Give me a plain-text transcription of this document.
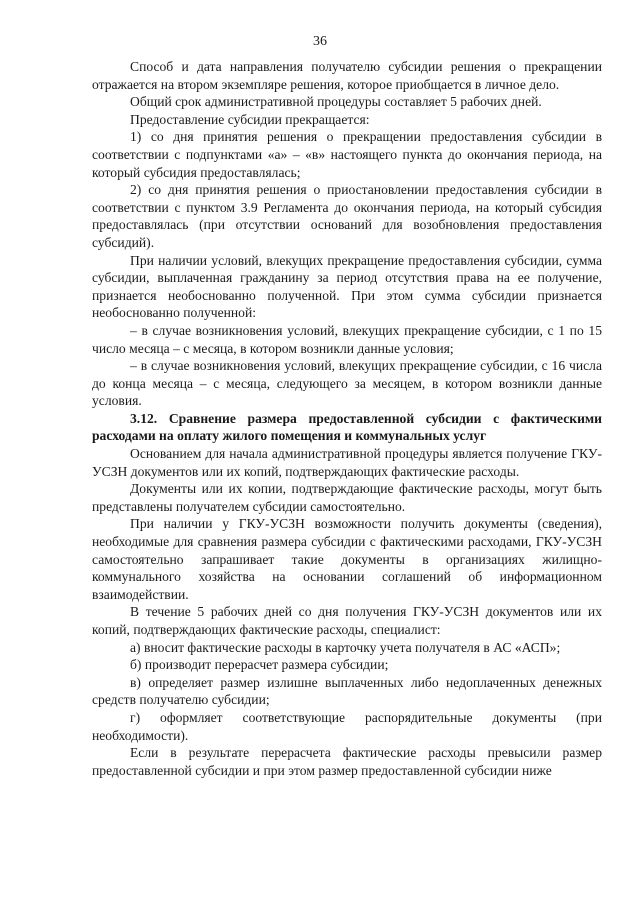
36

Способ и дата направления получателю субсидии решения о прекращении отражается на втором экземпляре решения, которое приобщается в личное дело.

Общий срок административной процедуры составляет 5 рабочих дней.

Предоставление субсидии прекращается:

1) со дня принятия решения о прекращении предоставления субсидии в соответствии с подпунктами «а» – «в» настоящего пункта до окончания периода, на который субсидия предоставлялась;

2) со дня принятия решения о приостановлении предоставления субсидии в соответствии с пунктом 3.9 Регламента до окончания периода, на который субсидия предоставлялась (при отсутствии оснований для возобновления предоставления субсидий).

При наличии условий, влекущих прекращение предоставления субсидии, сумма субсидии, выплаченная гражданину за период отсутствия права на ее получение, признается необоснованно полученной. При этом сумма субсидии признается необоснованно полученной:

– в случае возникновения условий, влекущих прекращение субсидии, с 1 по 15 число месяца – с месяца, в котором возникли данные условия;

– в случае возникновения условий, влекущих прекращение субсидии, с 16 числа до конца месяца – с месяца, следующего за месяцем, в котором возникли данные условия.

3.12. Сравнение размера предоставленной субсидии с фактическими расходами на оплату жилого помещения и коммунальных услуг

Основанием для начала административной процедуры является получение ГКУ-УСЗН документов или их копий, подтверждающих фактические расходы.

Документы или их копии, подтверждающие фактические расходы, могут быть представлены получателем субсидии самостоятельно.

При наличии у ГКУ-УСЗН возможности получить документы (сведения), необходимые для сравнения размера субсидии с фактическими расходами, ГКУ-УСЗН самостоятельно запрашивает такие документы в организациях жилищно-коммунального хозяйства на основании соглашений об информационном взаимодействии.

В течение 5 рабочих дней со дня получения ГКУ-УСЗН документов или их копий, подтверждающих фактические расходы, специалист:

а) вносит фактические расходы в карточку учета получателя в АС «АСП»;

б) производит перерасчет размера субсидии;

в) определяет размер излишне выплаченных либо недоплаченных денежных средств получателю субсидии;

г) оформляет соответствующие распорядительные документы (при необходимости).

Если в результате перерасчета фактические расходы превысили размер предоставленной субсидии и при этом размер предоставленной субсидии ниже
